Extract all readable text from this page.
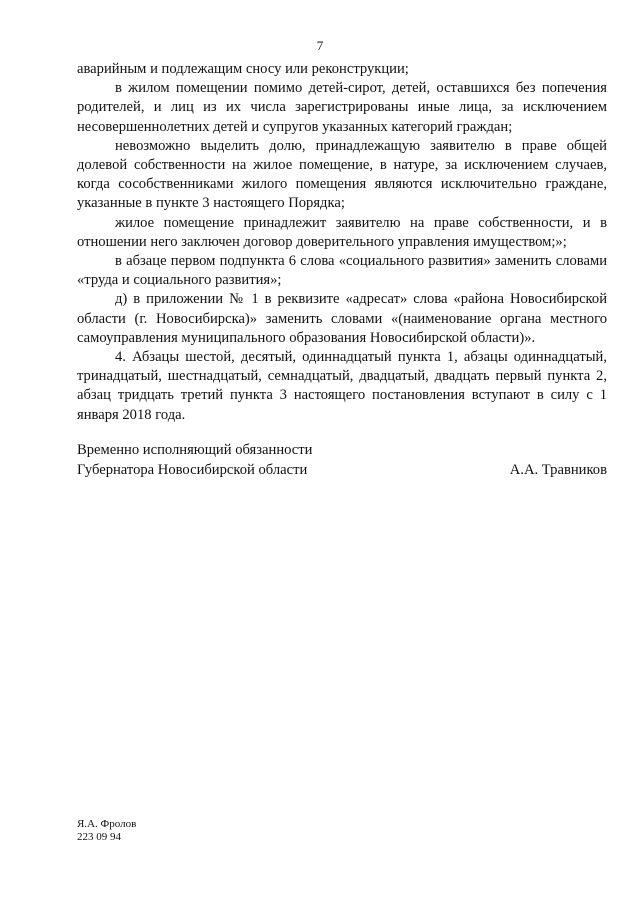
7

аварийным и подлежащим сносу или реконструкции;

в жилом помещении помимо детей-сирот, детей, оставшихся без попечения родителей, и лиц из их числа зарегистрированы иные лица, за исключением несовершеннолетних детей и супругов указанных категорий граждан;

невозможно выделить долю, принадлежащую заявителю в праве общей долевой собственности на жилое помещение, в натуре, за исключением случаев, когда сособственниками жилого помещения являются исключительно граждане, указанные в пункте 3 настоящего Порядка;

жилое помещение принадлежит заявителю на праве собственности, и в отношении него заключен договор доверительного управления имуществом;»;

в абзаце первом подпункта 6 слова «социального развития» заменить словами «труда и социального развития»;

д) в приложении № 1 в реквизите «адресат» слова «района Новосибирской области (г. Новосибирска)» заменить словами «(наименование органа местного самоуправления муниципального образования Новосибирской области)».

4. Абзацы шестой, десятый, одиннадцатый пункта 1, абзацы одиннадцатый, тринадцатый, шестнадцатый, семнадцатый, двадцатый, двадцать первый пункта 2, абзац тридцать третий пункта 3 настоящего постановления вступают в силу с 1 января 2018 года.

Временно исполняющий обязанности
Губернатора Новосибирской области	А.А. Травников
Я.А. Фролов
223 09 94
